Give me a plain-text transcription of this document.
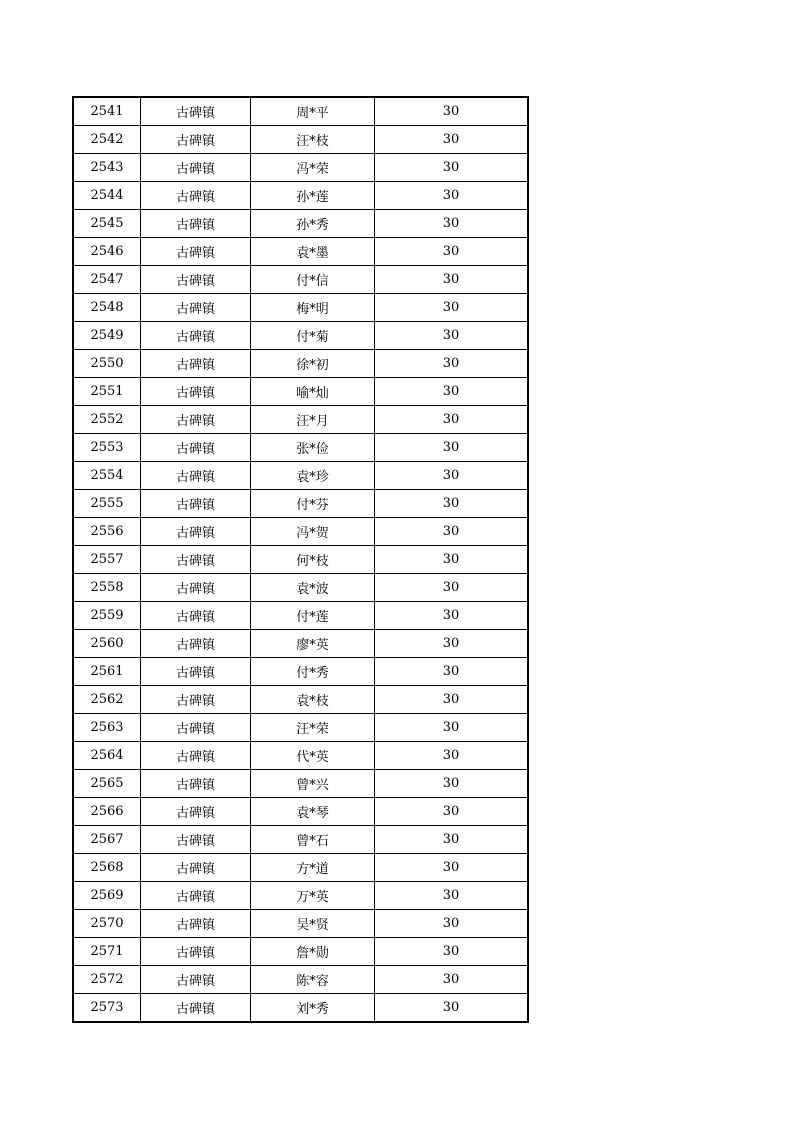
2541	古碑镇	周*平	30
2542	古碑镇	汪*枝	30
2543	古碑镇	冯*荣	30
2544	古碑镇	孙*莲	30
2545	古碑镇	孙*秀	30
2546	古碑镇	袁*墨	30
2547	古碑镇	付*信	30
2548	古碑镇	梅*明	30
2549	古碑镇	付*菊	30
2550	古碑镇	徐*初	30
2551	古碑镇	喻*灿	30
2552	古碑镇	汪*月	30
2553	古碑镇	张*俭	30
2554	古碑镇	袁*珍	30
2555	古碑镇	付*芬	30
2556	古碑镇	冯*贺	30
2557	古碑镇	何*枝	30
2558	古碑镇	袁*波	30
2559	古碑镇	付*莲	30
2560	古碑镇	廖*英	30
2561	古碑镇	付*秀	30
2562	古碑镇	袁*枝	30
2563	古碑镇	汪*荣	30
2564	古碑镇	代*英	30
2565	古碑镇	曾*兴	30
2566	古碑镇	袁*琴	30
2567	古碑镇	曾*石	30
2568	古碑镇	方*道	30
2569	古碑镇	万*英	30
2570	古碑镇	吴*贤	30
2571	古碑镇	詹*勋	30
2572	古碑镇	陈*容	30
2573	古碑镇	刘*秀	30
